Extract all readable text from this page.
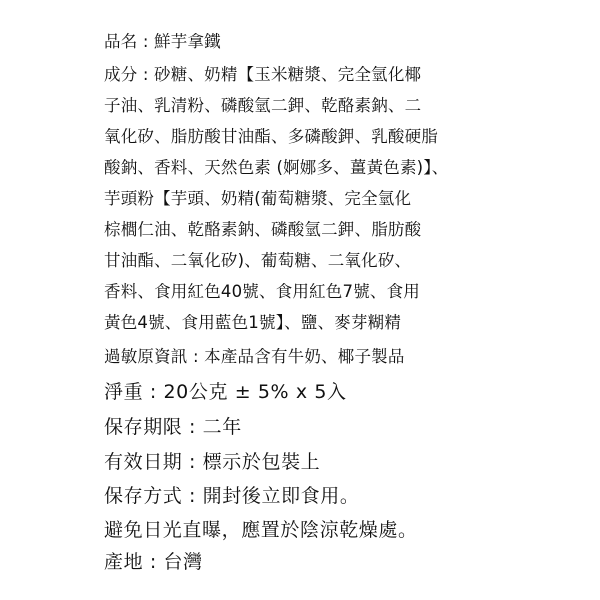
品名 : 鮮芋拿鐵
成分 : 砂糖、奶精【玉米糖漿、完全氫化椰
子油、乳清粉、磷酸氫二鉀、乾酪素鈉、二
氧化矽、脂肪酸甘油酯、多磷酸鉀、乳酸硬脂
酸鈉、香料、天然色素 (婀娜多、薑黃色素)】、
芋頭粉【芋頭、奶精(葡萄糖漿、完全氫化
棕櫚仁油、乾酪素鈉、磷酸氫二鉀、脂肪酸
甘油酯、二氧化矽)、葡萄糖、二氧化矽、
香料、食用紅色40號、食用紅色7號、食用
黃色4號、食用藍色1號】、鹽、麥芽糊精
過敏原資訊 : 本產品含有牛奶、椰子製品
淨重 : 20公克 ± 5% x 5入
保存期限 : 二年
有效日期 : 標示於包裝上
保存方式 : 開封後立即食用。
避免日光直曝，應置於陰涼乾燥處。
產地 : 台灣
